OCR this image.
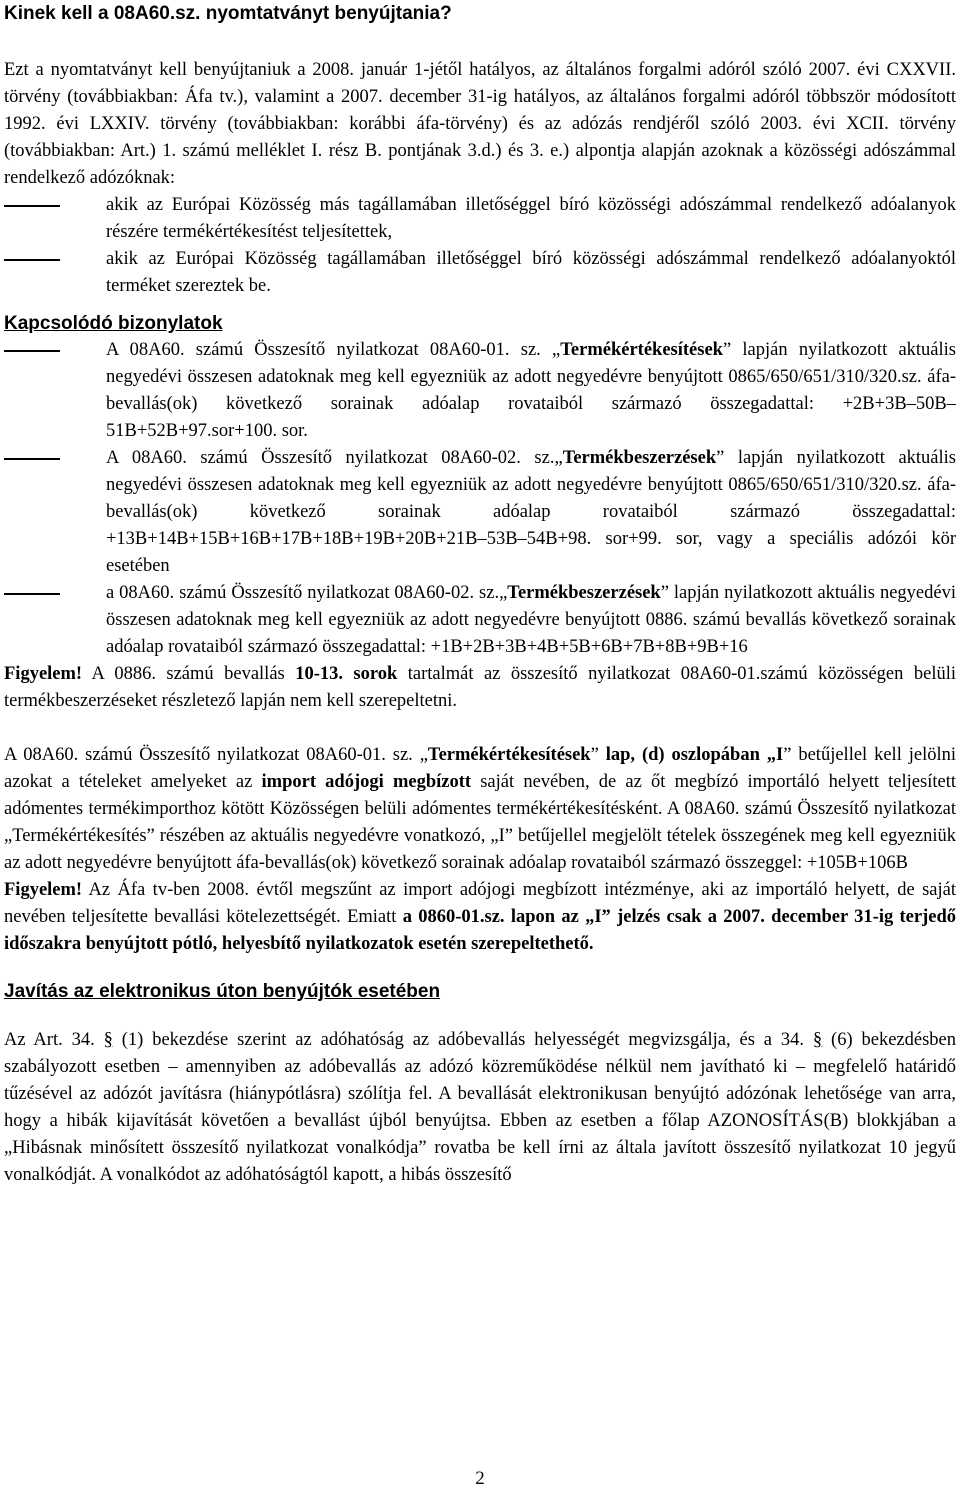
Kinek kell a 08A60.sz. nyomtatványt benyújtania?

Ezt a nyomtatványt kell benyújtaniuk a 2008. január 1-jétől hatályos, az általános forgalmi adóról szóló 2007. évi CXXVII. törvény (továbbiakban: Áfa tv.), valamint a 2007. december 31-ig hatályos, az általános forgalmi adóról többször módosított 1992. évi LXXIV. törvény (továbbiakban: korábbi áfa-törvény) és az adózás rendjéről szóló 2003. évi XCII. törvény (továbbiakban: Art.) 1. számú melléklet I. rész B. pontjának 3.d.) és 3. e.) alpontja alapján azoknak a közösségi adószámmal rendelkező adózóknak:

akik az Európai Közösség más tagállamában illetőséggel bíró közösségi adószámmal rendelkező adóalanyok részére termékértékesítést teljesítettek,
akik az Európai Közösség tagállamában illetőséggel bíró közösségi adószámmal rendelkező adóalanyoktól terméket szereztek be.
Kapcsolódó bizonylatok
A 08A60. számú Összesítő nyilatkozat 08A60-01. sz. „Termékértékesítések” lapján nyilatkozott aktuális negyedévi összesen adatoknak meg kell egyezniük az adott negyedévre benyújtott 0865/650/651/310/320.sz. áfa-bevallás(ok) következő sorainak adóalap rovataiból származó összegadattal: +2B+3B–50B–51B+52B+97.sor+100. sor.
A 08A60. számú Összesítő nyilatkozat 08A60-02. sz.„Termékbeszerzések” lapján nyilatkozott aktuális negyedévi összesen adatoknak meg kell egyezniük az adott negyedévre benyújtott 0865/650/651/310/320.sz. áfa-bevallás(ok) következő sorainak adóalap rovataiból származó összegadattal: +13B+14B+15B+16B+17B+18B+19B+20B+21B–53B–54B+98. sor+99. sor, vagy a speciális adózói kör esetében
a 08A60. számú Összesítő nyilatkozat 08A60-02. sz.„Termékbeszerzések” lapján nyilatkozott aktuális negyedévi összesen adatoknak meg kell egyezniük az adott negyedévre benyújtott 0886. számú bevallás következő sorainak adóalap rovataiból származó összegadattal: +1B+2B+3B+4B+5B+6B+7B+8B+9B+16

Figyelem! A 0886. számú bevallás 10-13. sorok tartalmát az összesítő nyilatkozat 08A60-01.számú közösségen belüli termékbeszerzéseket részletező lapján nem kell szerepeltetni.

A 08A60. számú Összesítő nyilatkozat 08A60-01. sz. „Termékértékesítések” lap, (d) oszlopában „I” betűjellel kell jelölni azokat a tételeket amelyeket az import adójogi megbízott saját nevében, de az őt megbízó importáló helyett teljesített adómentes termékimporthoz kötött Közösségen belüli adómentes termékértékesítésként. A 08A60. számú Összesítő nyilatkozat „Termékértékesítés” részében az aktuális negyedévre vonatkozó, „I” betűjellel megjelölt tételek összegének meg kell egyezniük az adott negyedévre benyújtott áfa-bevallás(ok) következő sorainak adóalap rovataiból származó összeggel: +105B+106B

Figyelem! Az Áfa tv-ben 2008. évtől megszűnt az import adójogi megbízott intézménye, aki az importáló helyett, de saját nevében teljesítette bevallási kötelezettségét. Emiatt a 0860-01.sz. lapon az „I” jelzés csak a 2007. december 31-ig terjedő időszakra benyújtott pótló, helyesbítő nyilatkozatok esetén szerepeltethető.

Javítás az elektronikus úton benyújtók esetében

Az Art. 34. § (1) bekezdése szerint az adóhatóság az adóbevallás helyességét megvizsgálja, és a 34. § (6) bekezdésben szabályozott esetben – amennyiben az adóbevallás az adózó közreműködése nélkül nem javítható ki – megfelelő határidő tűzésével az adózót javításra (hiánypótlásra) szólítja fel. A bevallását elektronikusan benyújtó adózónak lehetősége van arra, hogy a hibák kijavítását követően a bevallást újból benyújtsa. Ebben az esetben a főlap AZONOSÍTÁS(B) blokkjában a „Hibásnak minősített összesítő nyilatkozat vonalkódja” rovatba be kell írni az általa javított összesítő nyilatkozat 10 jegyű vonalkódját. A vonalkódot az adóhatóságtól kapott, a hibás összesítő

2
